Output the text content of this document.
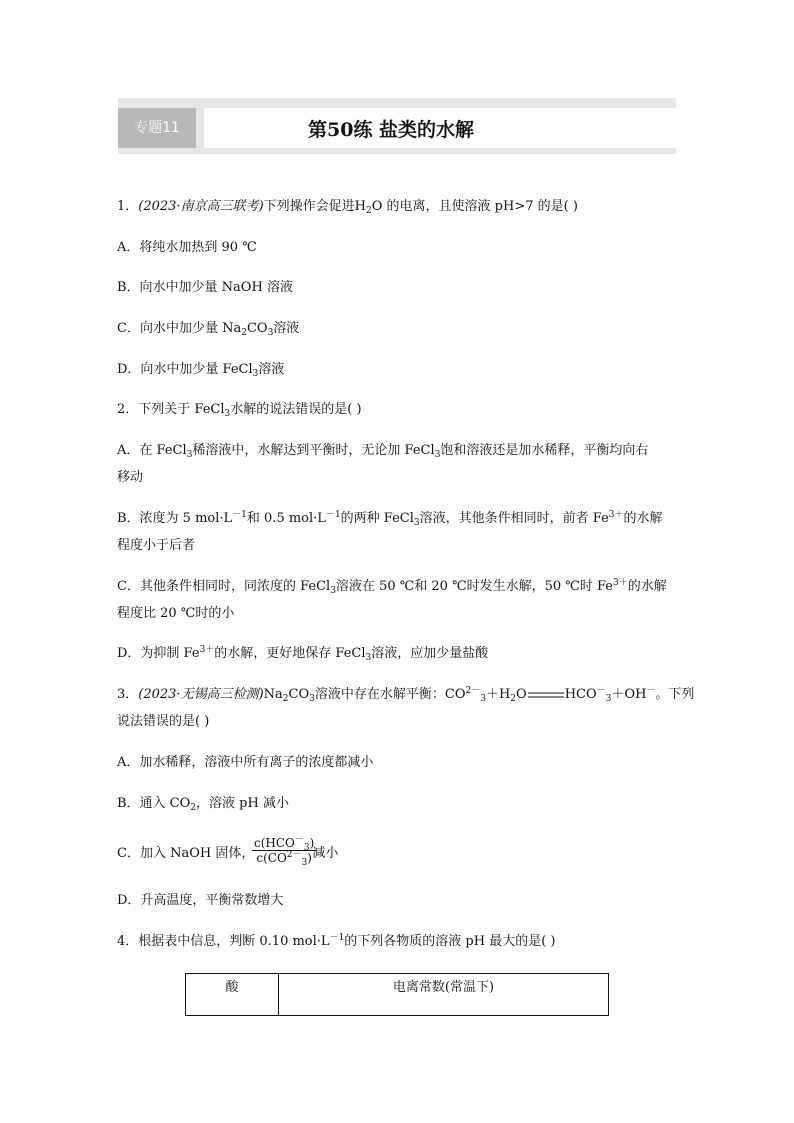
专题11	第50练 盐类的水解
1．(2023·南京高三联考)下列操作会促进$H_2O$ 的电离，且使溶液 pH>7 的是( )
A．将纯水加热到 90 ℃
B．向水中加少量 NaOH 溶液
C．向水中加少量 $Na_2CO_3$溶液
D．向水中加少量 FeCl$_3$溶液
2．下列关于 FeCl$_3$水解的说法错误的是( )
A．在 FeCl$_3$稀溶液中，水解达到平衡时，无论加 FeCl$_3$饱和溶液还是加水稀释，平衡均向右
移动
B．浓度为 5 $mol\cdot L^{-1}$和 0.5 $mol\cdot L^{-1}$的两种 FeCl$_3$溶液，其他条件相同时，前者 $Fe^{3+}$的水解
程度小于后者
C．其他条件相同时，同浓度的 FeCl$_3$溶液在 50 ℃和 20 ℃时发生水解，50 ℃时 $Fe^{3+}$的水解
程度比 20 ℃时的小
D．为抑制 $Fe^{3+}$的水解，更好地保存 FeCl$_3$溶液，应加少量盐酸
3．(2023·无锡高三检测)$Na_2CO_3$溶液中存在水解平衡：$CO^{2-}_3+H_2O$	$HCO^-_3+OH^-$。下列
说法错误的是( )
A．加水稀释，溶液中所有离子的浓度都减小
B．通入 $CO_2$，溶液 pH 减小
C．加入 NaOH 固体，	减小
$c(HCO^-_3)$
$c(CO^{2-}_3)$
D．升高温度，平衡常数增大
4．根据表中信息，判断 0.10 $mol\cdot L^{-1}$的下列各物质的溶液 pH 最大的是( )
酸	电离常数(常温下)
